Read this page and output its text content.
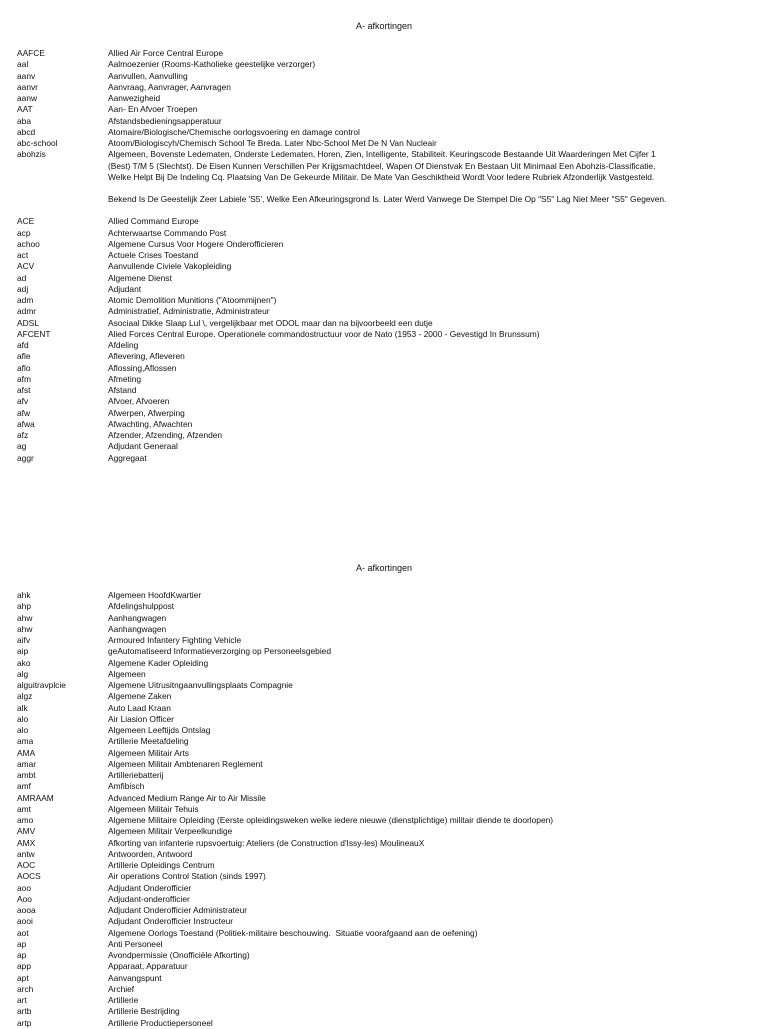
A- afkortingen
AAFCE	Allied Air Force Central Europe
aal	Aalmoezenier (Rooms-Katholieke geestelijke verzorger)
aanv	Aanvullen, Aanvulling
aanvr	Aanvraag, Aanvrager, Aanvragen
aanw	Aanwezigheid
AAT	Aan- En Afvoer Troepen
aba	Afstandsbedieningsapperatuur
abcd	Atomaire/Biologische/Chemische oorlogsvoering en damage control
abc-school	Atoom/Biologiscyh/Chemisch School Te Breda. Later Nbc-School Met De N Van Nucleair
abohzis	Algemeen, Bovenste Ledematen, Onderste Ledematen, Horen, Zien, Intelligente, Stabiliteit. Keuringscode Bestaande Uit Waarderingen Met Cijfer 1 (Best) T/M 5 (Slechtst). De Eisen Kunnen Verschillen Per Krijgsmachtdeel, Wapen Of Dienstvak En Bestaan Uit Minimaal Een Abohzis-Classificatie, Welke Helpt Bij De Indeling Cq. Plaatsing Van De Gekeurde Militair. De Mate Van Geschiktheid Wordt Voor Iedere Rubriek Afzonderlijk Vastgesteld.
Bekend Is De Geestelijk Zeer Labiele 'S5', Welke Een Afkeuringsgrond Is. Later Werd Vanwege De Stempel Die Op "S5" Lag Niet Meer "S5" Gegeven.
ACE	Allied Command Europe
acp	Achterwaartse Commando Post
achoo	Algemene Cursus Voor Hogere Onderofficieren
act	Actuele Crises Toestand
ACV	Aanvullende Civiele Vakopleiding
ad	Algemene Dienst
adj	Adjudant
adm	Atomic Demolition Munitions ("Atoommijnen")
admr	Administratief, Administratie, Administrateur
ADSL	Asociaal Dikke Slaap Lul \, vergelijkbaar met ODOL maar dan na bijvoorbeeld een dutje
AFCENT	Alied Forces Central Europe. Operationele commandostructuur voor de Nato (1953 - 2000 - Gevestigd In Brunssum)
afd	Afdeling
afle	Aflevering, Afleveren
aflo	Aflossing,Aflossen
afm	Afmeting
afst	Afstand
afv	Afvoer, Afvoeren
afw	Afwerpen, Afwerping
afwa	Afwachting, Afwachten
afz	Afzender, Afzending, Afzenden
ag	Adjudant Generaal
aggr	Aggregaat
A- afkortingen
ahk	Algemeen HoofdKwartier
ahp	Afdelingshulppost
ahw	Aanhangwagen
ahw	Aanhangwagen
aifv	Armoured Infantery Fighting Vehicle
aip	geAutomatiseerd Informatieverzorging op Personeelsgebied
ako	Algemene Kader Opleiding
alg	Algemeen
alguitravplcie	Algemene Uitrusitngaanvullingsplaats Compagnie
algz	Algemene Zaken
alk	Auto Laad Kraan
alo	Air Liasion Officer
alo	Algemeen Leeftijds Ontslag
ama	Artillerie Meetafdeling
AMA	Algemeen Militair Arts
amar	Algemeen Militair Ambtenaren Reglement
ambt	Artilleriebatterij
amf	Amfibisch
AMRAAM	Advanced Medium Range Air to Air Missile
amt	Algemeen Militair Tehuis
amo	Algemene Militaire Opleiding (Eerste opleidingsweken welke iedere nieuwe (dienstplichtige) militair diende te doorlopen)
AMV	Algemeen Militair Verpeelkundige
AMX	Afkorting van infanterie rupsvoertuig: Ateliers (de Construction d'Issy-les) MoulineauX
antw	Antwoorden, Antwoord
AOC	Artillerie Opleidings Centrum
AOCS	Air operations Control Station (sinds 1997)
aoo	Adjudant Onderofficier
Aoo	Adjudant-onderofficier
aooa	Adjudant Onderofficier Administrateur
aooi	Adjudant Onderofficier Instructeur
aot	Algemene Oorlogs Toestand (Politiek-militaire beschouwing.  Situatie voorafgaand aan de oefening)
ap	Anti Personeel
ap	Avondpermissie (Onofficiële Afkorting)
app	Apparaat, Apparatuur
apt	Aanvangspunt
arch	Archief
art	Artillerie
artb	Artillerie Bestrijding
artp	Artillerie Productiepersoneel
